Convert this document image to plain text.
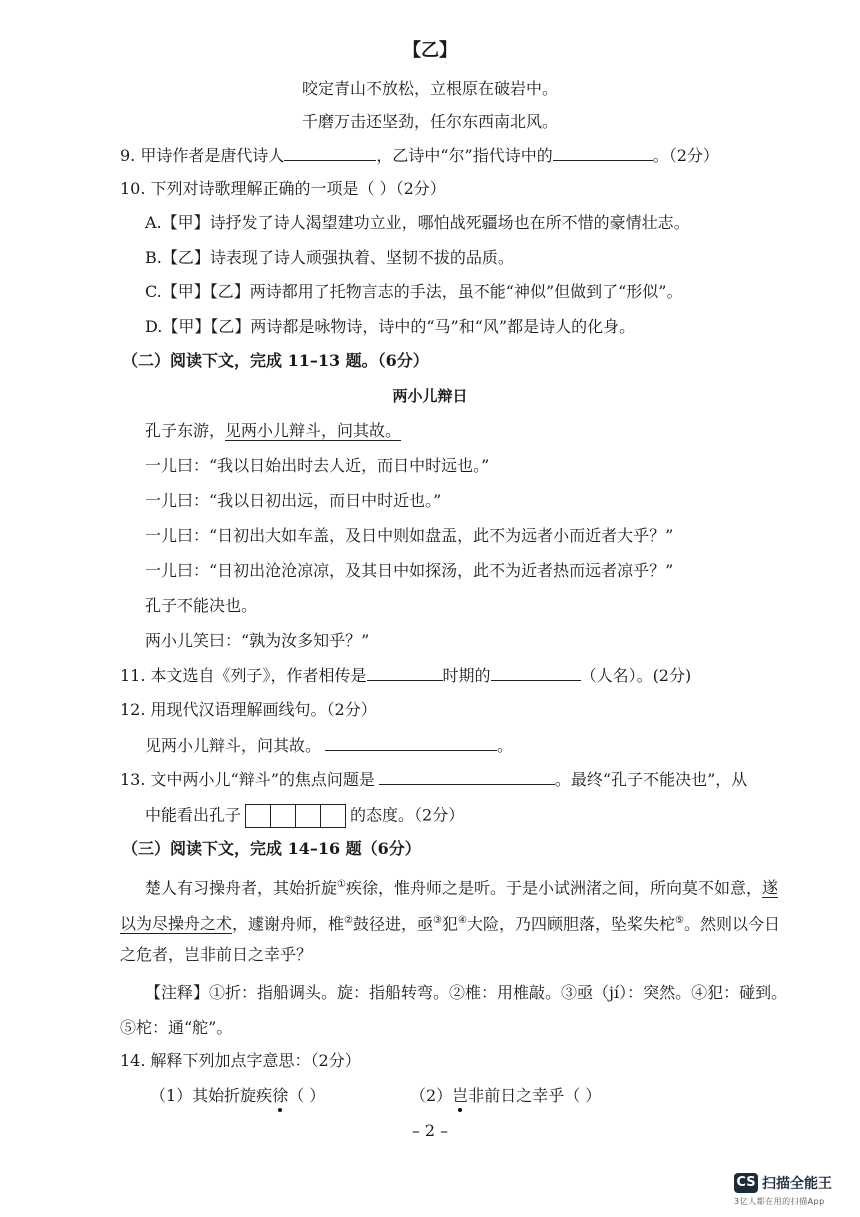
【乙】
咬定青山不放松，立根原在破岩中。
千磨万击还坚劲，任尔东西南北风。
9. 甲诗作者是唐代诗人	，乙诗中“尔”指代诗中的	。（2分）
10. 下列对诗歌理解正确的一项是（ ）（2分）
A.【甲】诗抒发了诗人渴望建功立业，哪怕战死疆场也在所不惜的豪情壮志。
B.【乙】诗表现了诗人顽强执着、坚韧不拔的品质。
C.【甲】【乙】两诗都用了托物言志的手法，虽不能“神似”但做到了“形似”。
D.【甲】【乙】两诗都是咏物诗，诗中的“马”和“风”都是诗人的化身。
（二）阅读下文，完成 11–13 题。（6分）
两小儿辩日
孔子东游，见两小儿辩斗，问其故。
一儿曰：“我以日始出时去人近，而日中时远也。”
一儿曰：“我以日初出远，而日中时近也。”
一儿曰：“日初出大如车盖，及日中则如盘盂，此不为远者小而近者大乎？”
一儿曰：“日初出沧沧凉凉，及其日中如探汤，此不为近者热而远者凉乎？”
孔子不能决也。
两小儿笑曰：“孰为汝多知乎？”
11. 本文选自《列子》，作者相传是	时期的	（人名）。(2分)
12. 用现代汉语理解画线句。（2分）
见两小儿辩斗，问其故。	。
13. 文中两小儿“辩斗”的焦点问题是	。最终“孔子不能决也”，从
中能看出孔子	的态度。（2分）
（三）阅读下文，完成 14–16 题（6分）
楚人有习操舟者，其始折旋①疾徐，惟舟师之是听。于是小试洲渚之间，所向莫不如意，遂
以为尽操舟之术，遽谢舟师，椎②鼓径进，亟③犯④大险，乃四顾胆落，坠桨失柁⑤。然则以今日
之危者，岂非前日之幸乎？
【注释】①折：指船调头。旋：指船转弯。②椎：用椎敲。③亟（jí）：突然。④犯：碰到。
⑤柁：通“舵”。
14. 解释下列加点字意思：（2分）
（1）其始折旋疾徐（ ）	（2）岂非前日之幸乎（ ）
– 2 –
CS 扫描全能王
3亿人都在用的扫描App
